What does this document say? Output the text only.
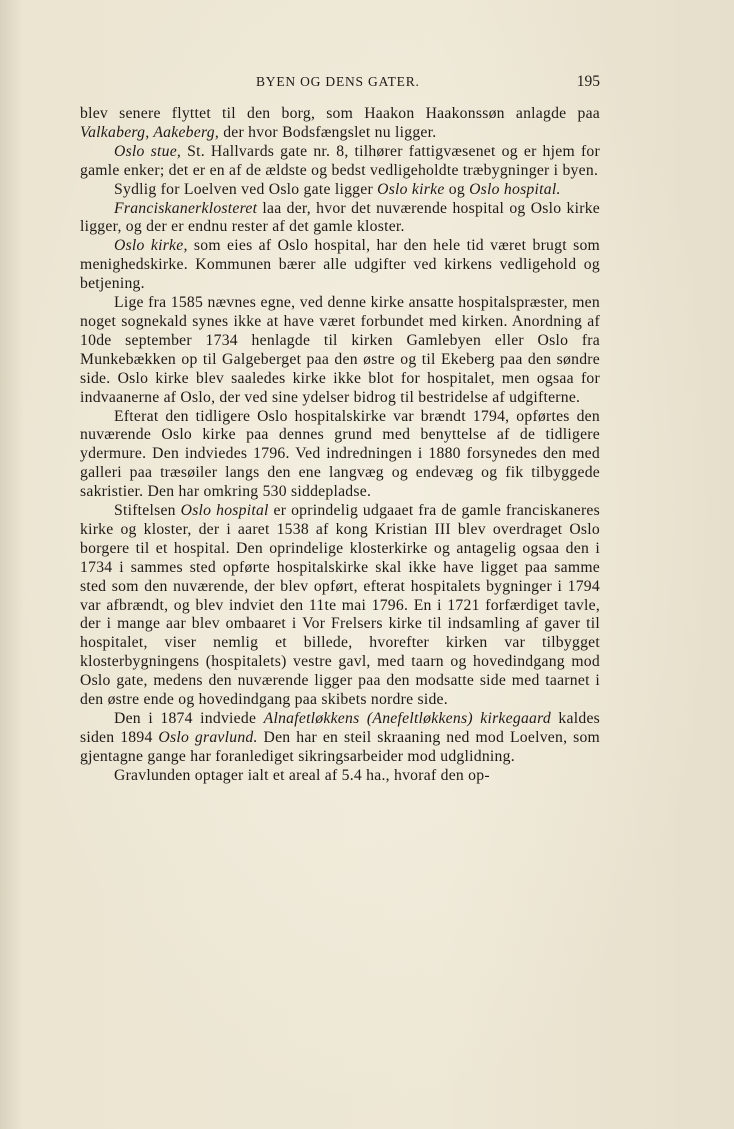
BYEN OG DENS GATER.	195

blev senere flyttet til den borg, som Haakon Haakonssøn anlagde paa Valkaberg, Aakeberg, der hvor Bodsfængslet nu ligger.

Oslo stue, St. Hallvards gate nr. 8, tilhører fattigvæsenet og er hjem for gamle enker; det er en af de ældste og bedst vedligeholdte træbygninger i byen.

Sydlig for Loelven ved Oslo gate ligger Oslo kirke og Oslo hospital.

Franciskanerklosteret laa der, hvor det nuværende hospital og Oslo kirke ligger, og der er endnu rester af det gamle kloster.

Oslo kirke, som eies af Oslo hospital, har den hele tid været brugt som menighedskirke. Kommunen bærer alle udgifter ved kirkens vedligehold og betjening.

Lige fra 1585 nævnes egne, ved denne kirke ansatte hospitalspræster, men noget sognekald synes ikke at have været forbundet med kirken. Anordning af 10de september 1734 henlagde til kirken Gamlebyen eller Oslo fra Munkebækken op til Galgeberget paa den østre og til Ekeberg paa den søndre side. Oslo kirke blev saaledes kirke ikke blot for hospitalet, men ogsaa for indvaanerne af Oslo, der ved sine ydelser bidrog til bestridelse af udgifterne.

Efterat den tidligere Oslo hospitalskirke var brændt 1794, opførtes den nuværende Oslo kirke paa dennes grund med benyttelse af de tidligere ydermure. Den indviedes 1796. Ved indredningen i 1880 forsynedes den med galleri paa træsøiler langs den ene langvæg og endevæg og fik tilbyggede sakristier. Den har omkring 530 siddepladse.

Stiftelsen Oslo hospital er oprindelig udgaaet fra de gamle franciskaneres kirke og kloster, der i aaret 1538 af kong Kristian III blev overdraget Oslo borgere til et hospital. Den oprindelige klosterkirke og antagelig ogsaa den i 1734 i sammes sted opførte hospitalskirke skal ikke have ligget paa samme sted som den nuværende, der blev opført, efterat hospitalets bygninger i 1794 var afbrændt, og blev indviet den 11te mai 1796. En i 1721 forfærdiget tavle, der i mange aar blev ombaaret i Vor Frelsers kirke til indsamling af gaver til hospitalet, viser nemlig et billede, hvorefter kirken var tilbygget klosterbygningens (hospitalets) vestre gavl, med taarn og hovedindgang mod Oslo gate, medens den nuværende ligger paa den modsatte side med taarnet i den østre ende og hovedindgang paa skibets nordre side.

Den i 1874 indviede Alnafetløkkens (Anefeltløkkens) kirkegaard kaldes siden 1894 Oslo gravlund. Den har en steil skraaning ned mod Loelven, som gjentagne gange har foranlediget sikringsarbeider mod udglidning.

Gravlunden optager ialt et areal af 5.4 ha., hvoraf den op-
